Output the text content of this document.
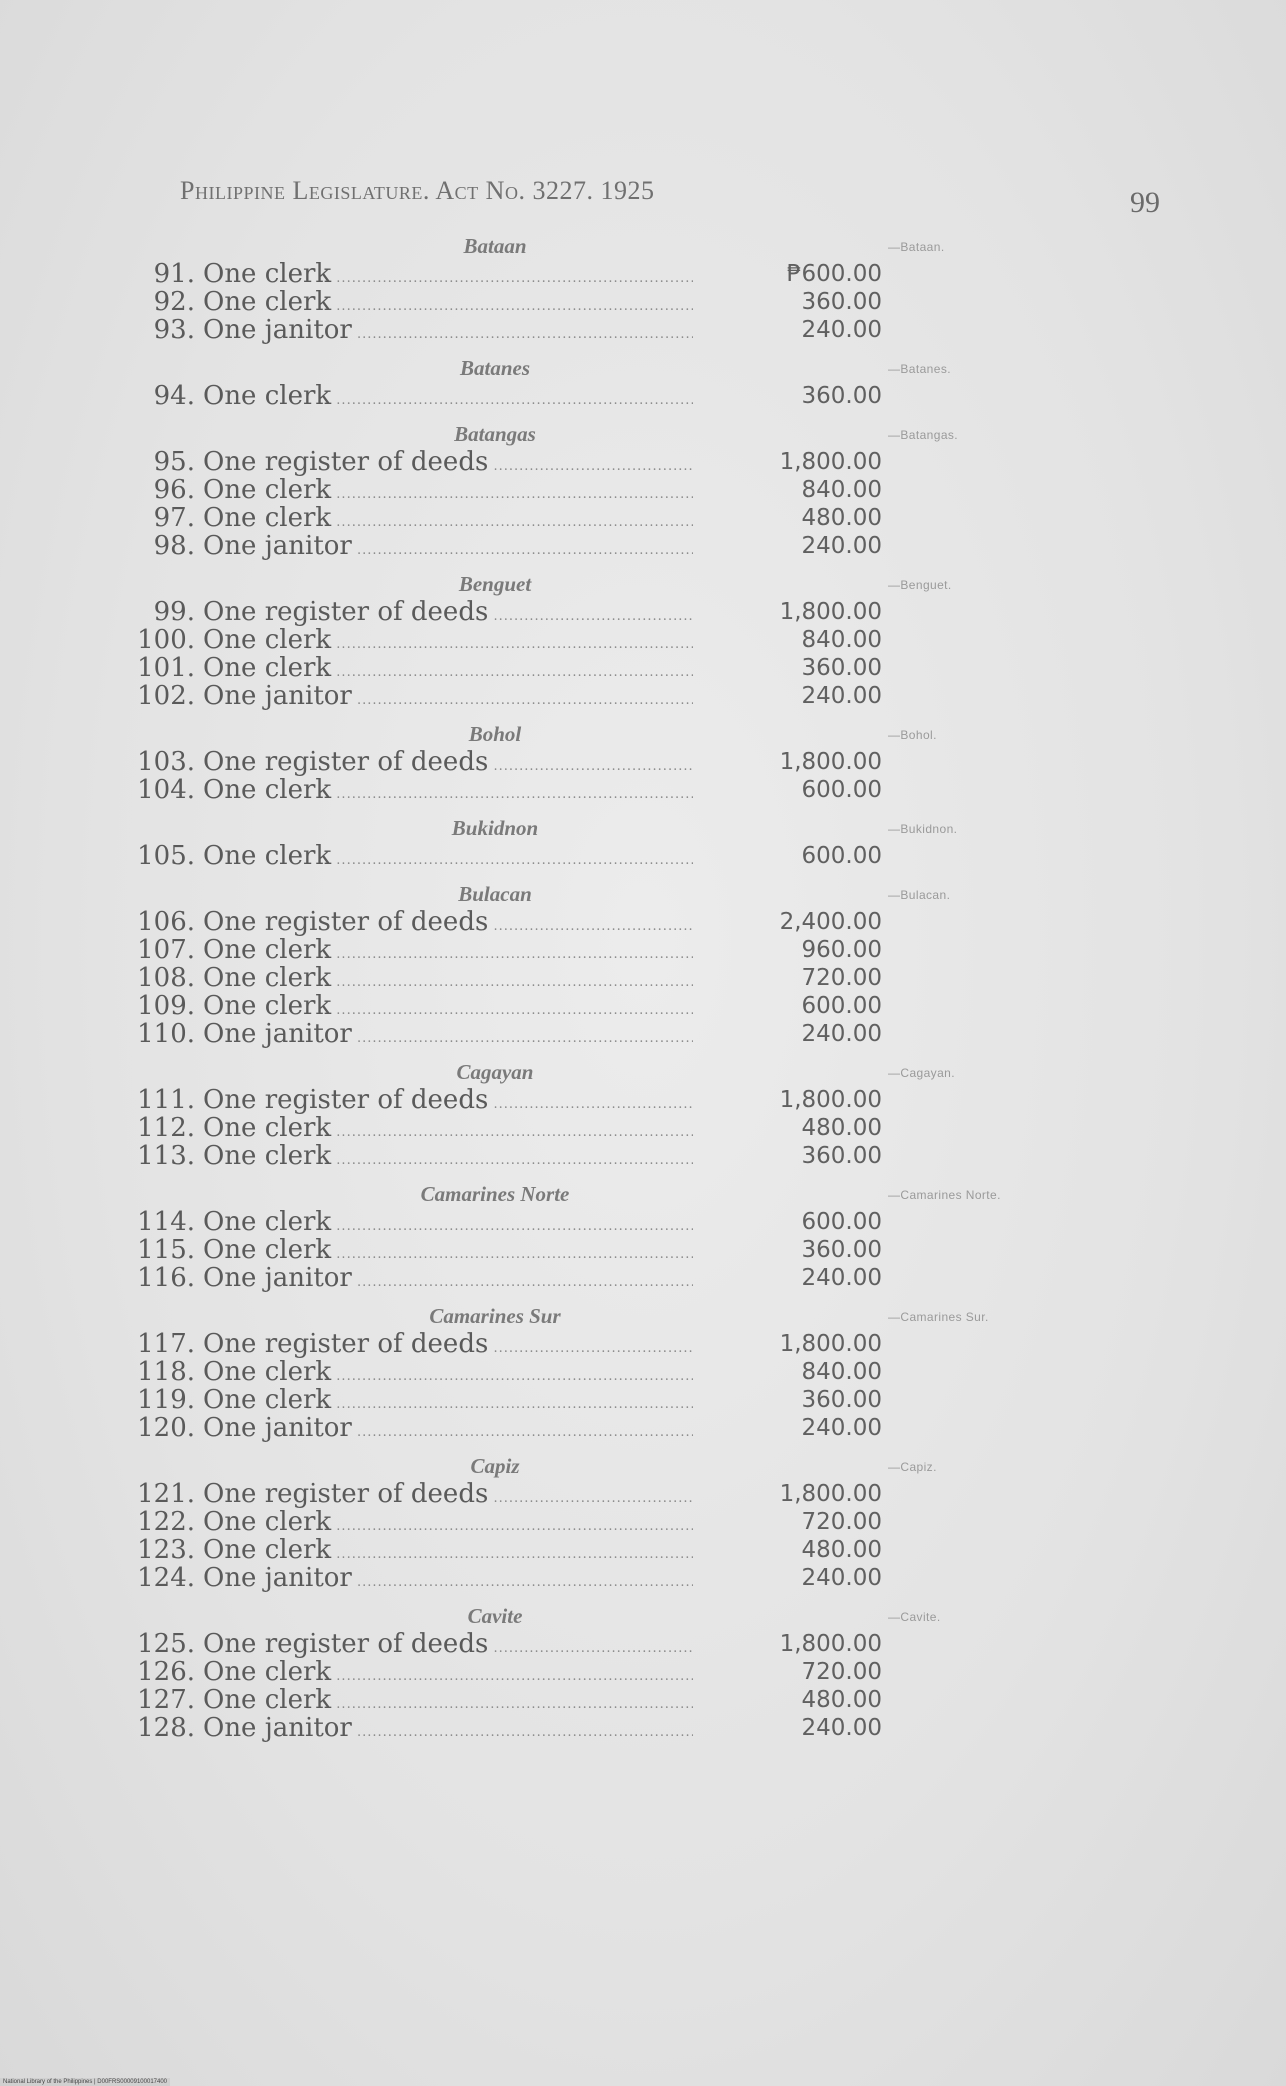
Philippine Legislature. Act No. 3227. 1925	99
Bataan	—Bataan.
91. One clerk .....	₱600.00
92. One clerk .....	360.00
93. One janitor .....	240.00
Batanes	—Batanes.
94. One clerk .....	360.00
Batangas	—Batangas.
95. One register of deeds .....	1,800.00
96. One clerk .....	840.00
97. One clerk .....	480.00
98. One janitor .....	240.00
Benguet	—Benguet.
99. One register of deeds .....	1,800.00
100. One clerk .....	840.00
101. One clerk .....	360.00
102. One janitor .....	240.00
Bohol	—Bohol.
103. One register of deeds .....	1,800.00
104. One clerk .....	600.00
Bukidnon	—Bukidnon.
105. One clerk .....	600.00
Bulacan	—Bulacan.
106. One register of deeds .....	2,400.00
107. One clerk .....	960.00
108. One clerk .....	720.00
109. One clerk .....	600.00
110. One janitor .....	240.00
Cagayan	—Cagayan.
111. One register of deeds .....	1,800.00
112. One clerk .....	480.00
113. One clerk .....	360.00
Camarines Norte	—Camarines Norte.
114. One clerk .....	600.00
115. One clerk .....	360.00
116. One janitor .....	240.00
Camarines Sur	—Camarines Sur.
117. One register of deeds .....	1,800.00
118. One clerk .....	840.00
119. One clerk .....	360.00
120. One janitor .....	240.00
Capiz	—Capiz.
121. One register of deeds .....	1,800.00
122. One clerk .....	720.00
123. One clerk .....	480.00
124. One janitor .....	240.00
Cavite	—Cavite.
125. One register of deeds .....	1,800.00
126. One clerk .....	720.00
127. One clerk .....	480.00
128. One janitor .....	240.00
National Library of the Philippines | D00FRS00009100017400
